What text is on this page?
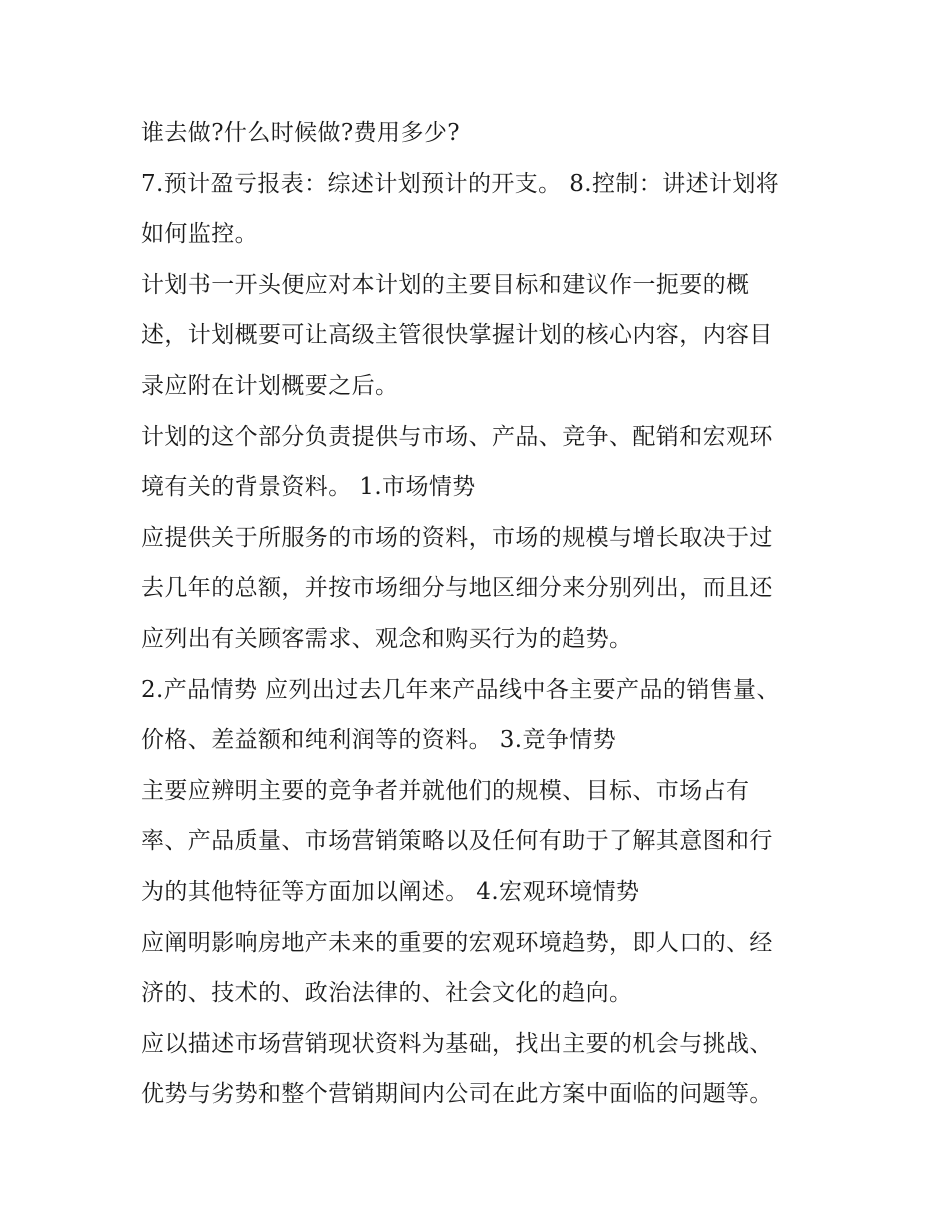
谁去做?什么时候做?费用多少?

7.预计盈亏报表：综述计划预计的开支。 8.控制：讲述计划将
如何监控。

计划书一开头便应对本计划的主要目标和建议作一扼要的概
述，计划概要可让高级主管很快掌握计划的核心内容，内容目
录应附在计划概要之后。

计划的这个部分负责提供与市场、产品、竞争、配销和宏观环
境有关的背景资料。 1.市场情势

应提供关于所服务的市场的资料，市场的规模与增长取决于过
去几年的总额，并按市场细分与地区细分来分别列出，而且还
应列出有关顾客需求、观念和购买行为的趋势。

2.产品情势 应列出过去几年来产品线中各主要产品的销售量、
价格、差益额和纯利润等的资料。 3.竞争情势

主要应辨明主要的竞争者并就他们的规模、目标、市场占有
率、产品质量、市场营销策略以及任何有助于了解其意图和行
为的其他特征等方面加以阐述。 4.宏观环境情势

应阐明影响房地产未来的重要的宏观环境趋势，即人口的、经
济的、技术的、政治法律的、社会文化的趋向。

应以描述市场营销现状资料为基础，找出主要的机会与挑战、
优势与劣势和整个营销期间内公司在此方案中面临的问题等。
